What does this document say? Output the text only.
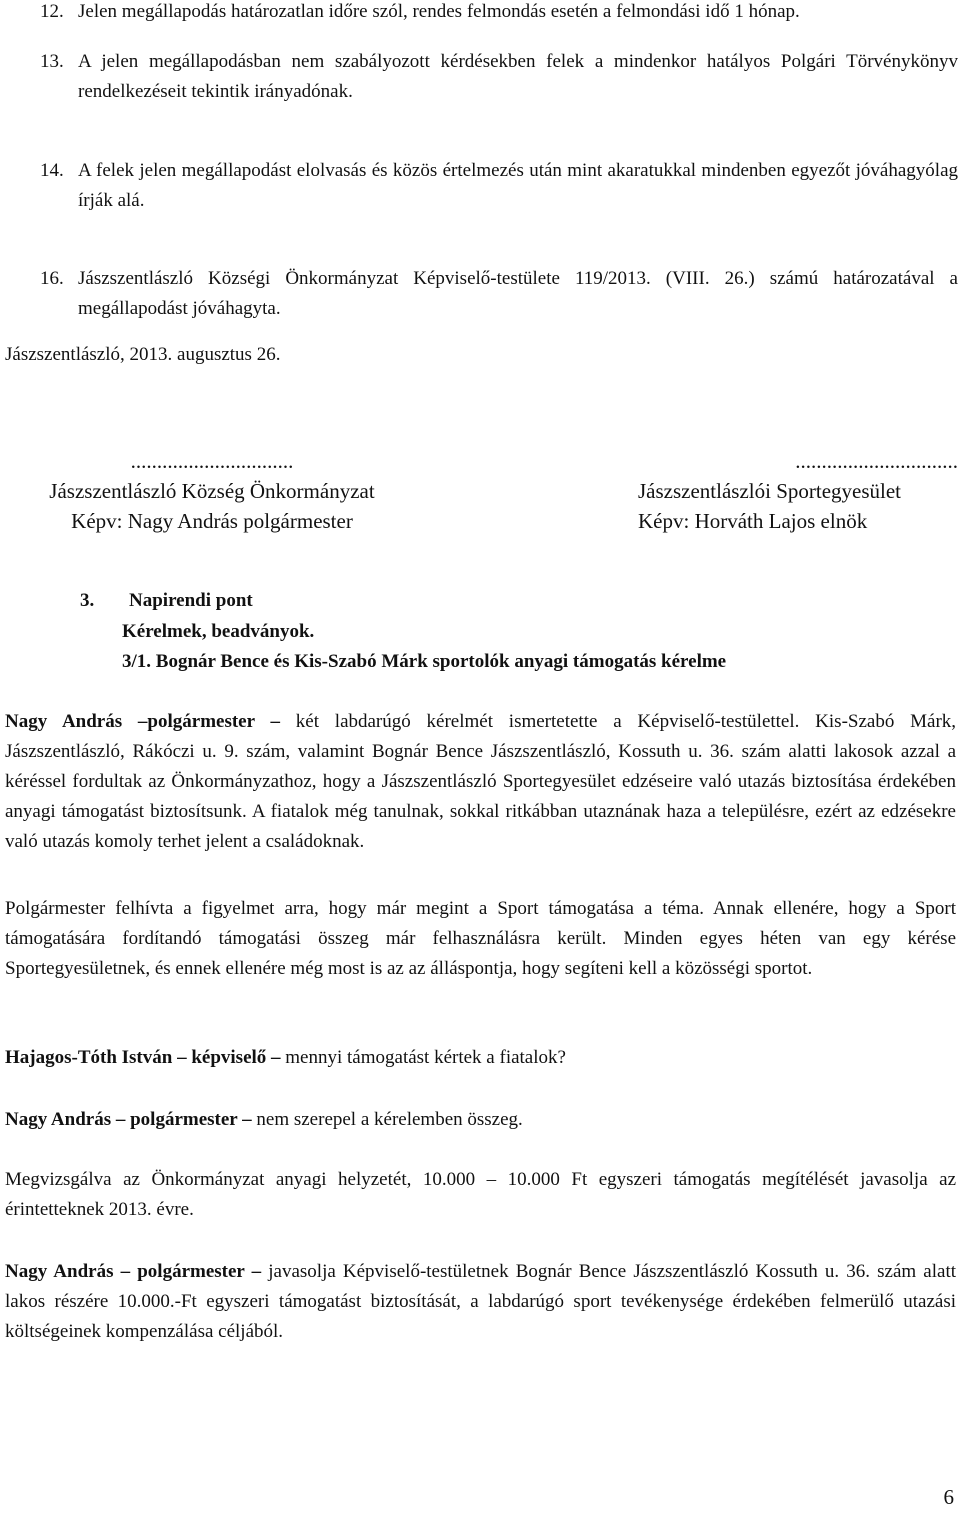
12. Jelen megállapodás határozatlan időre szól, rendes felmondás esetén a felmondási idő 1 hónap.
13. A jelen megállapodásban nem szabályozott kérdésekben felek a mindenkor hatályos Polgári Törvénykönyv rendelkezéseit tekintik irányadónak.
14. A felek jelen megállapodást elolvasás és közös értelmezés után mint akaratukkal mindenben egyezőt jóváhagyólag írják alá.
16. Jászszentlászló Községi Önkormányzat Képviselő-testülete 119/2013. (VIII. 26.) számú határozatával a megállapodást jóváhagyta.
Jászszentlászló, 2013. augusztus 26.
...............................
Jászszentlászló Község Önkormányzat
Képv: Nagy András polgármester
...............................
Jászszentlászlói Sportegyesület
Képv: Horváth Lajos elnök
3. Napirendi pont
Kérelmek, beadványok.
3/1. Bognár Bence és Kis-Szabó Márk sportolók anyagi támogatás kérelme
Nagy András –polgármester – két labdarúgó kérelmét ismertetette a Képviselő-testülettel. Kis-Szabó Márk, Jászszentlászló, Rákóczi u. 9. szám, valamint Bognár Bence Jászszentlászló, Kossuth u. 36. szám alatti lakosok azzal a kéréssel fordultak az Önkormányzathoz, hogy a Jászszentlászló Sportegyesület edzéseire való utazás biztosítása érdekében anyagi támogatást biztosítsunk. A fiatalok még tanulnak, sokkal ritkábban utaznának haza a településre, ezért az edzésekre való utazás komoly terhet jelent a családoknak.
Polgármester felhívta a figyelmet arra, hogy már megint a Sport támogatása a téma. Annak ellenére, hogy a Sport támogatására fordítandó támogatási összeg már felhasználásra került. Minden egyes héten van egy kérése Sportegyesületnek, és ennek ellenére még most is az az álláspontja, hogy segíteni kell a közösségi sportot.
Hajagos-Tóth István – képviselő – mennyi támogatást kértek a fiatalok?
Nagy András – polgármester – nem szerepel a kérelemben összeg.
Megvizsgálva az Önkormányzat anyagi helyzetét, 10.000 – 10.000 Ft egyszeri támogatás megítélését javasolja az érintetteknek 2013. évre.
Nagy András – polgármester – javasolja Képviselő-testületnek Bognár Bence Jászszentlászló Kossuth u. 36. szám alatt lakos részére 10.000.-Ft egyszeri támogatást biztosítását, a labdarúgó sport tevékenysége érdekében felmerülő utazási költségeinek kompenzálása céljából.
6
